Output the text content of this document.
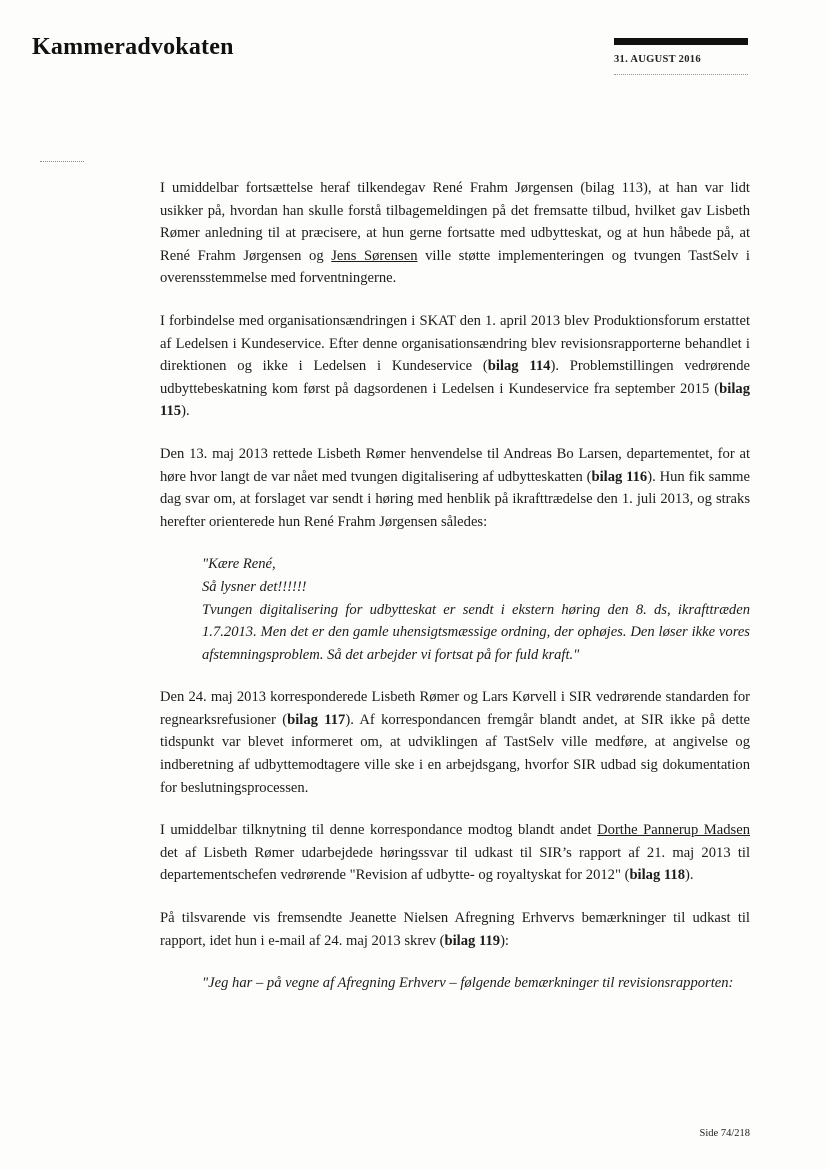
Kammeradvokaten	31. AUGUST 2016

I umiddelbar fortsættelse heraf tilkendegav René Frahm Jørgensen (bilag 113), at han var lidt usikker på, hvordan han skulle forstå tilbagemeldingen på det fremsatte tilbud, hvilket gav Lisbeth Rømer anledning til at præcisere, at hun gerne fortsatte med udbytteskat, og at hun håbede på, at René Frahm Jørgensen og Jens Sørensen ville støtte implementeringen og tvungen TastSelv i overensstemmelse med forventningerne.

I forbindelse med organisationsændringen i SKAT den 1. april 2013 blev Produktionsforum erstattet af Ledelsen i Kundeservice. Efter denne organisationsændring blev revisionsrapporterne behandlet i direktionen og ikke i Ledelsen i Kundeservice (bilag 114). Problemstillingen vedrørende udbyttebeskatning kom først på dagsordenen i Ledelsen i Kundeservice fra september 2015 (bilag 115).

Den 13. maj 2013 rettede Lisbeth Rømer henvendelse til Andreas Bo Larsen, departementet, for at høre hvor langt de var nået med tvungen digitalisering af udbytteskatten (bilag 116). Hun fik samme dag svar om, at forslaget var sendt i høring med henblik på ikrafttrædelse den 1. juli 2013, og straks herefter orienterede hun René Frahm Jørgensen således:

"Kære René,
Så lysner det!!!!!!
Tvungen digitalisering for udbytteskat er sendt i ekstern høring den 8. ds, ikrafttræden 1.7.2013. Men det er den gamle uhensigtsmæssige ordning, der ophøjes. Den løser ikke vores afstemningsproblem. Så det arbejder vi fortsat på for fuld kraft."

Den 24. maj 2013 korresponderede Lisbeth Rømer og Lars Kørvell i SIR vedrørende standarden for regnearksrefusioner (bilag 117). Af korrespondancen fremgår blandt andet, at SIR ikke på dette tidspunkt var blevet informeret om, at udviklingen af TastSelv ville medføre, at angivelse og indberetning af udbyttemodtagere ville ske i en arbejdsgang, hvorfor SIR udbad sig dokumentation for beslutningsprocessen.

I umiddelbar tilknytning til denne korrespondance modtog blandt andet Dorthe Pannerup Madsen det af Lisbeth Rømer udarbejdede høringssvar til udkast til SIR’s rapport af 21. maj 2013 til departementschefen vedrørende "Revision af udbytte- og royaltyskat for 2012" (bilag 118).

På tilsvarende vis fremsendte Jeanette Nielsen Afregning Erhvervs bemærkninger til udkast til rapport, idet hun i e-mail af 24. maj 2013 skrev (bilag 119):

"Jeg har – på vegne af Afregning Erhverv – følgende bemærkninger til revisionsrapporten:
Side 74/218
